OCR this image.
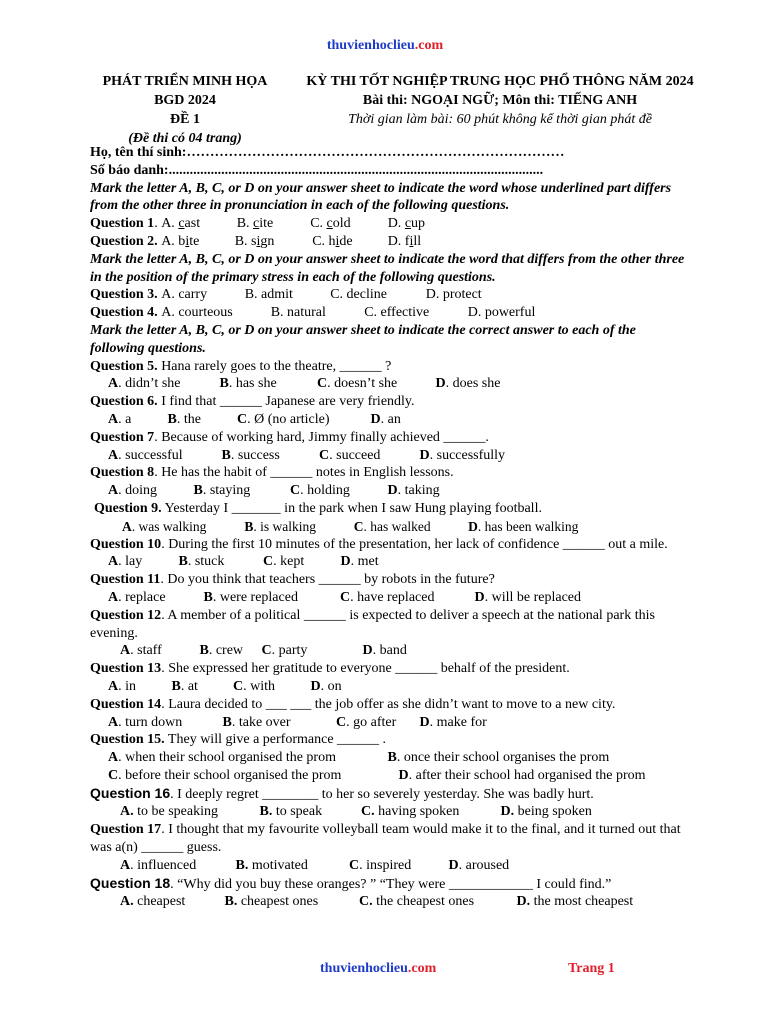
thuvienhoclieu.com
PHÁT TRIỂN MINH HỌA
BGD 2024
ĐỀ 1
(Đề thi có 04 trang)
KỲ THI TỐT NGHIỆP TRUNG HỌC PHỔ THÔNG NĂM 2024
Bài thi: NGOẠI NGỮ; Môn thi: TIẾNG ANH
Thời gian làm bài: 60 phút không kể thời gian phát đề
Họ, tên thí sinh:………………………………………………………………………
Số báo danh:...........................................................................................................
Mark the letter A, B, C, or D on your answer sheet to indicate the word whose underlined part differs from the other three in pronunciation in each of the following questions.
Question 1. A. cast	B. cite	C. cold	D. cup
Question 2. A. bite	B. sign	C. hide	D. fill
Mark the letter A, B, C, or D on your answer sheet to indicate the word that differs from the other three in the position of the primary stress in each of the following questions.
Question 3. A. carry	B. admit	C. decline	D. protect
Question 4. A. courteous	B. natural	C. effective	D. powerful
Mark the letter A, B, C, or D on your answer sheet to indicate the correct answer to each of the following questions.
Question 5. Hana rarely goes to the theatre, ______ ?
A. didn’t she	B. has she	C. doesn’t she	D. does she
Question 6. I find that ______ Japanese are very friendly.
A. a	B. the	C. Ø (no article)	D. an
Question 7. Because of working hard, Jimmy finally achieved ______.
A. successful	B. success	C. succeed	D. successfully
Question 8. He has the habit of ______ notes in English lessons.
A. doing	B. staying	C. holding	D. taking
Question 9. Yesterday I _______ in the park when I saw Hung playing football.
A. was walking	B. is walking	C. has walked	D. has been walking
Question 10. During the first 10 minutes of the presentation, her lack of confidence ______ out a mile.
A. lay	B. stuck	C. kept	D. met
Question 11. Do you think that teachers ______ by robots in the future?
A. replace	B. were replaced	C. have replaced	D. will be replaced
Question 12. A member of a political ______ is expected to deliver a speech at the national park this evening.
A. staff	B. crew C. party	D. band
Question 13. She expressed her gratitude to everyone ______ behalf of the president.
A. in	B. at	C. with	D. on
Question 14. Laura decided to ___ ___ the job offer as she didn’t want to move to a new city.
A. turn down	B. take over	C. go after D. make for
Question 15. They will give a performance ______ .
A. when their school organised the prom	B. once their school organises the prom
C. before their school organised the prom	D. after their school had organised the prom
Question 16. I deeply regret ________ to her so severely yesterday. She was badly hurt.
A. to be speaking	B. to speak	C. having spoken	D. being spoken
Question 17. I thought that my favourite volleyball team would make it to the final, and it turned out that was a(n) ______ guess.
A. influenced	B. motivated	C. inspired	D. aroused
Question 18. “Why did you buy these oranges? ” “They were ____________ I could find.”
A. cheapest	B. cheapest ones	C. the cheapest ones	D. the most cheapest
thuvienhoclieu.com	Trang 1
